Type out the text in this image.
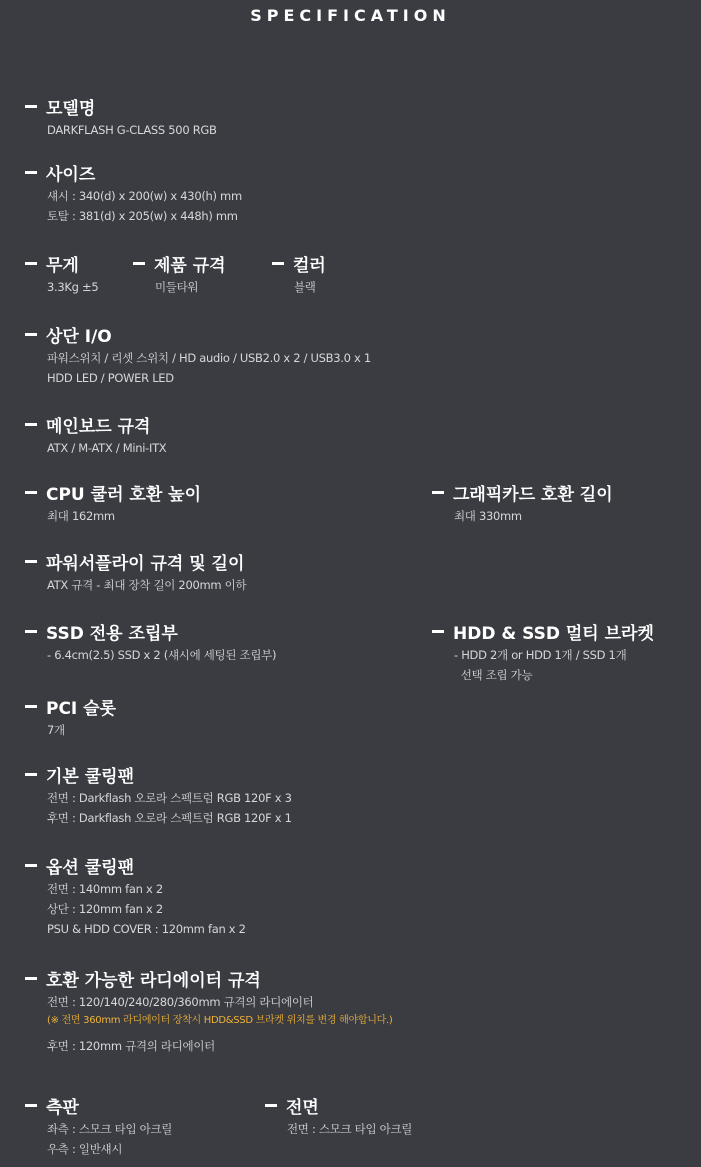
SPECIFICATION
모델명
DARKFLASH G-CLASS 500 RGB
사이즈
섀시 : 340(d) x 200(w) x 430(h) mm
토탈 : 381(d) x 205(w) x 448h) mm
무게
3.3Kg ±5
제품 규격
미들타워
컬러
블랙
상단 I/O
파워스위치 / 리셋 스위치 / HD audio / USB2.0 x 2 / USB3.0 x 1
HDD LED / POWER LED
메인보드 규격
ATX / M-ATX / Mini-ITX
CPU 쿨러 호환 높이
최대 162mm
그래픽카드 호환 길이
최대 330mm
파워서플라이 규격 및 길이
ATX 규격 - 최대 장착 길이 200mm 이하
SSD 전용 조립부
- 6.4cm(2.5) SSD x 2 (섀시에 세팅된 조립부)
HDD & SSD 멀티 브라켓
- HDD 2개 or HDD 1개 / SSD 1개
선택 조립 가능
PCI 슬롯
7개
기본 쿨링팬
전면 : Darkflash 오로라 스펙트럼 RGB 120F x 3
후면 : Darkflash 오로라 스펙트럼 RGB 120F x 1
옵션 쿨링팬
전면 : 140mm fan x 2
상단 : 120mm fan x 2
PSU & HDD COVER : 120mm fan x 2
호환 가능한 라디에이터 규격
전면 : 120/140/240/280/360mm 규격의 라디에이터
(※ 전면 360mm 라디에이터 장착시 HDD&SSD 브라켓 위치를 변경 해야합니다.)
후면 : 120mm 규격의 라디에이터
측판
좌측 : 스모크 타입 아크릴
우측 : 일반섀시
전면
전면 : 스모크 타입 아크릴
